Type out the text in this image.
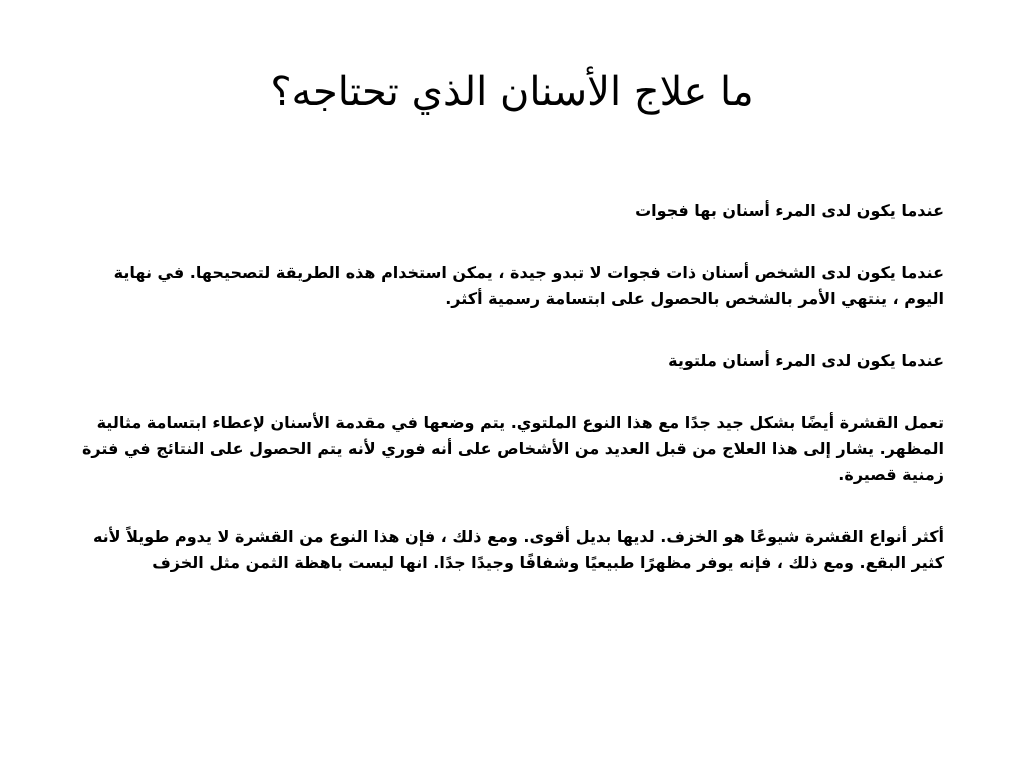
ما علاج الأسنان الذي تحتاجه؟

عندما يكون لدى المرء أسنان بها فجوات

عندما يكون لدى الشخص أسنان ذات فجوات لا تبدو جيدة ، يمكن استخدام هذه الطريقة لتصحيحها. في نهاية اليوم ، ينتهي الأمر بالشخص بالحصول على ابتسامة رسمية أكثر.

عندما يكون لدى المرء أسنان ملتوية

تعمل القشرة أيضًا بشكل جيد جدًا مع هذا النوع الملتوي. يتم وضعها في مقدمة الأسنان لإعطاء ابتسامة مثالية المظهر. يشار إلى هذا العلاج من قبل العديد من الأشخاص على أنه فوري لأنه يتم الحصول على النتائج في فترة زمنية قصيرة.

أكثر أنواع القشرة شيوعًا هو الخزف. لديها بديل أقوى. ومع ذلك ، فإن هذا النوع من القشرة لا يدوم طويلاً لأنه كثير البقع. ومع ذلك ، فإنه يوفر مظهرًا طبيعيًا وشفافًا وجيدًا جدًا. انها ليست باهظة الثمن مثل الخزف
